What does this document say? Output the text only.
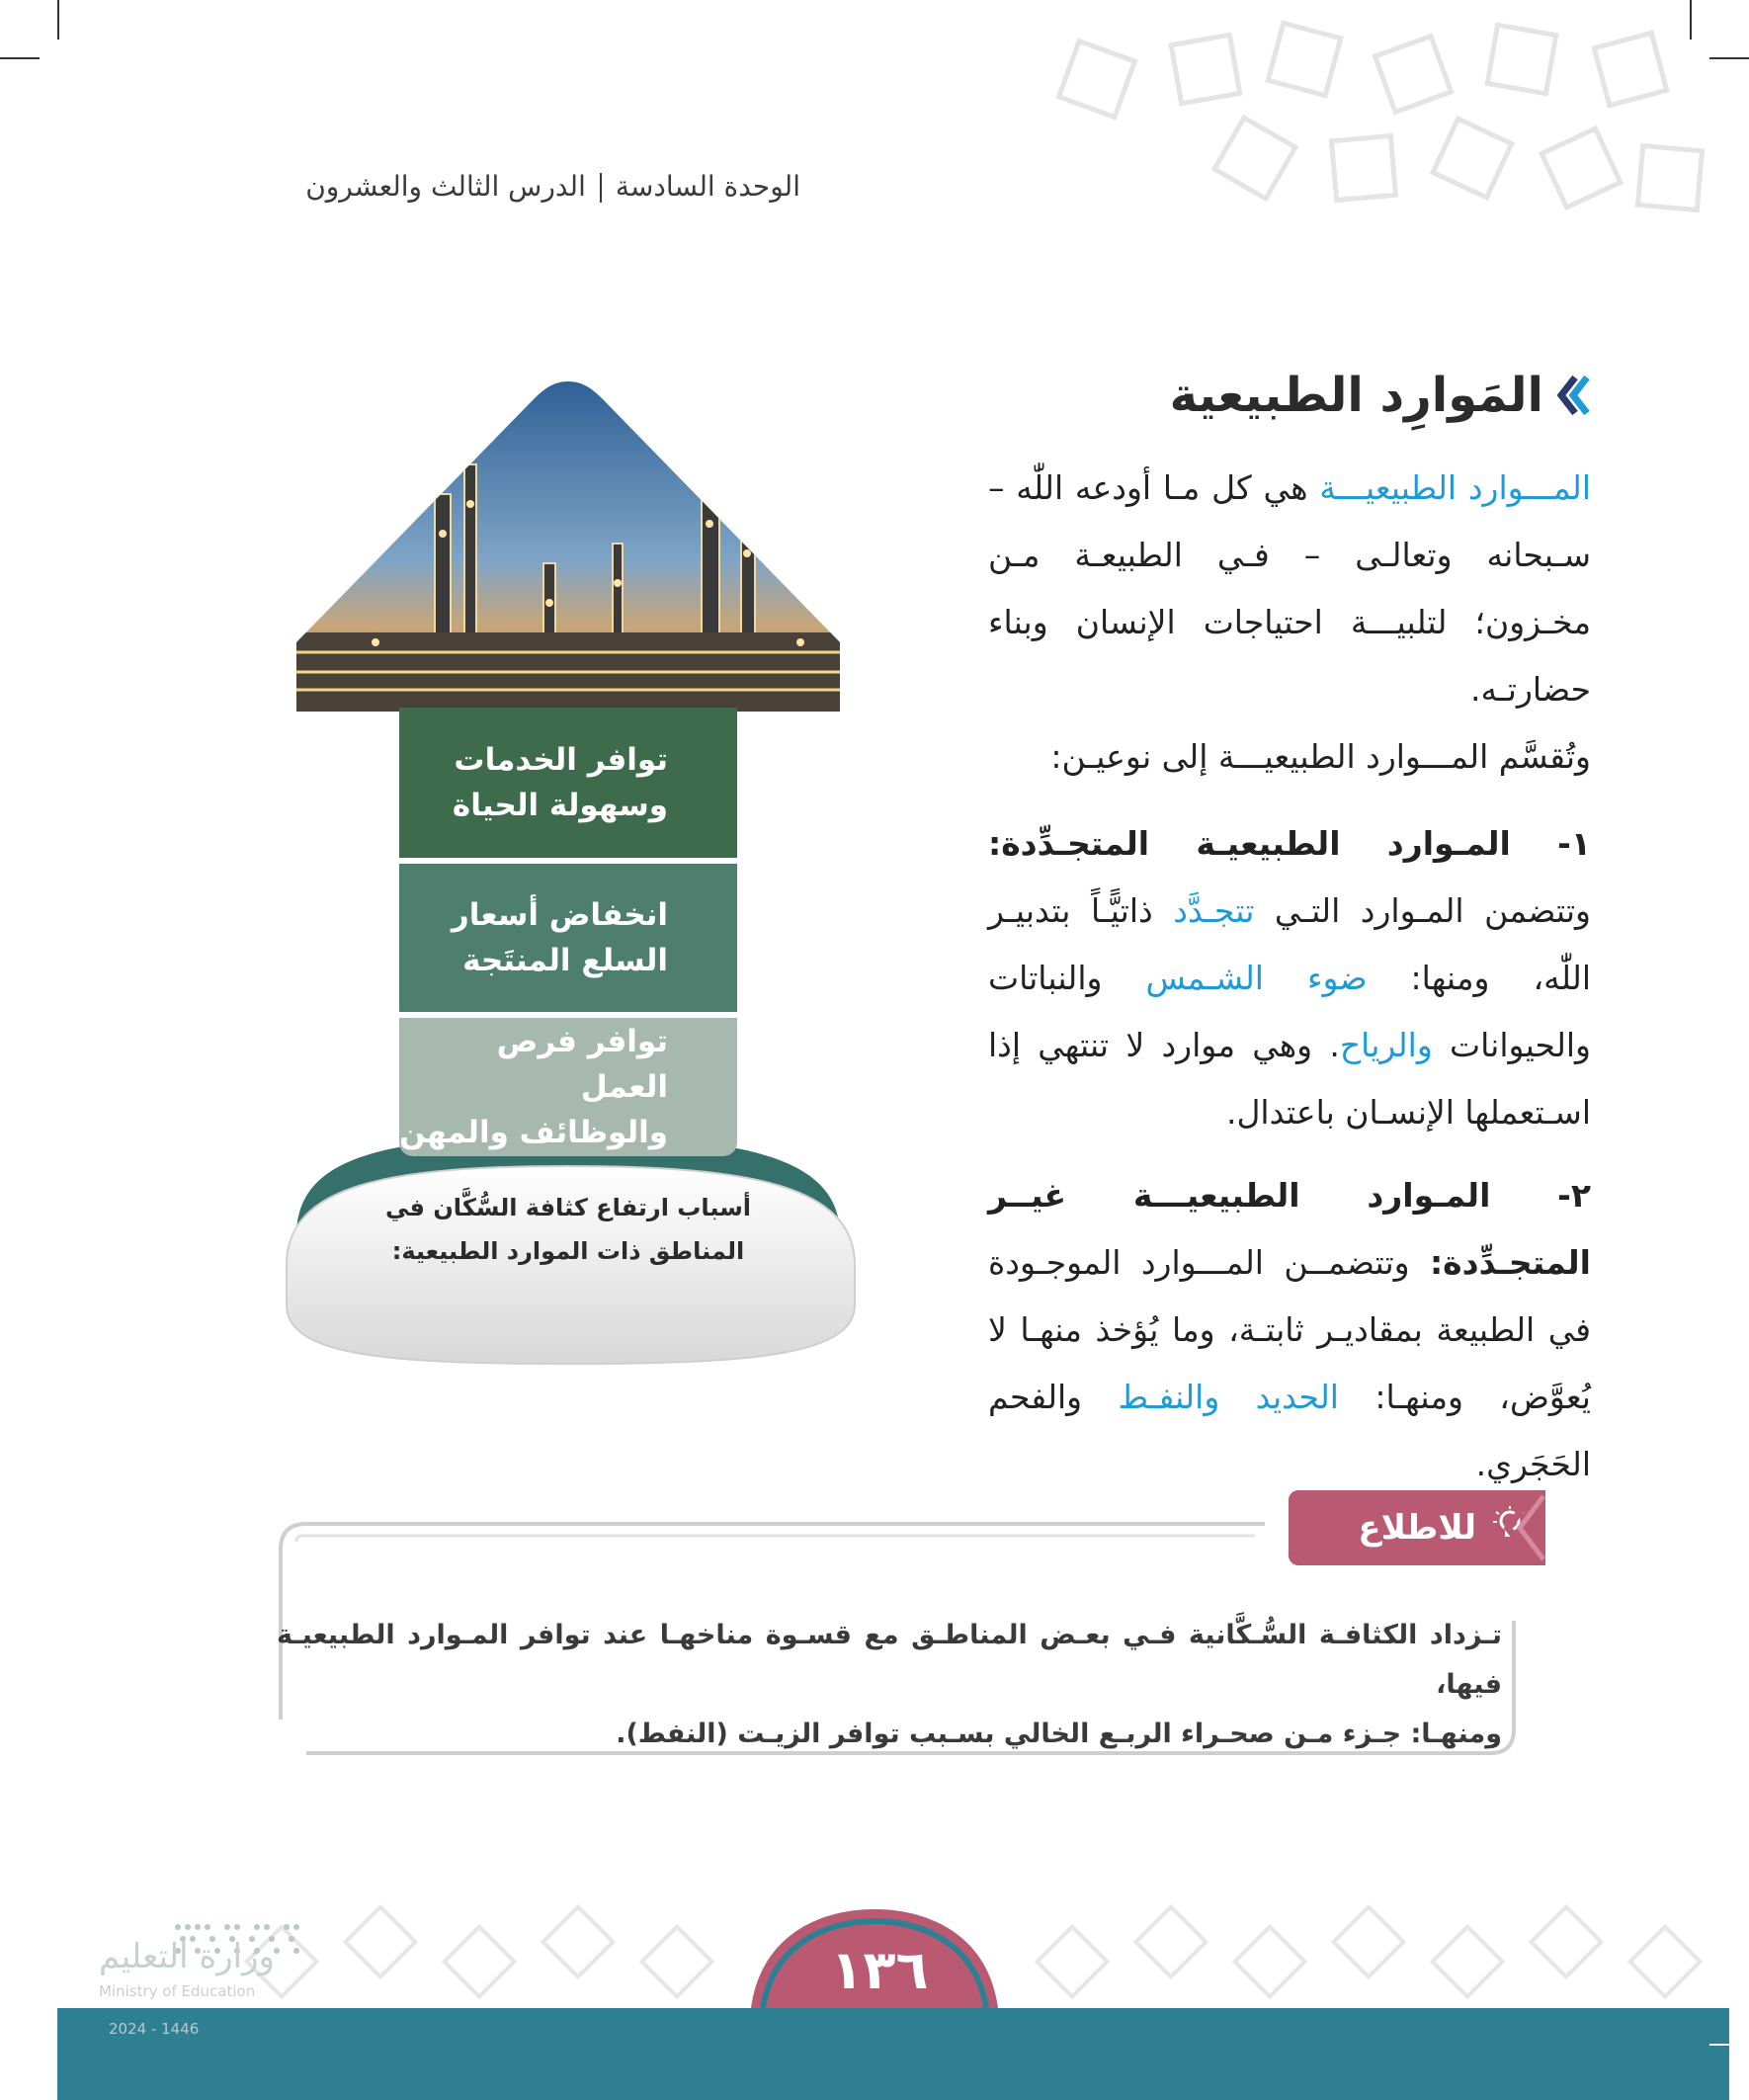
الوحدة السادسةالدرس الثالث والعشرون
المَوارِد الطبيعية

المـــوارد الطبيعيـــة هي كل مـا أودعه اللّٰه – سـبحانه وتعالـى – فـي الطبيعـة مـن مخـزون؛ لتلبيـــة احتياجات الإنسان وبناء حضارتـه.

وتُقسَّم المـــوارد الطبيعيـــة إلى نوعيـن:

١- المـوارد الطبيعيـة المتجـدِّدة: وتتضمن المـوارد التـي تتجـدَّد ذاتيًّـاً بتدبيـر اللّٰه، ومنها: ضوء الشـمس والنباتات والحيوانات والرياح. وهي موارد لا تنتهي إذا اسـتعملها الإنسـان باعتدال.

٢- المـوارد الطبيعيـــة غيــر المتجـدِّدة: وتتضمــن المـــوارد الموجـودة في الطبيعة بمقاديـر ثابتـة، وما يُؤخذ منهـا لا يُعوَّض، ومنهـا: الحديد والنفـط والفحم الحَجَري.

توافر الخدمات
وسهولة الحياة
انخفاض أسعار
السلع المنتَجة
توافر فرص العمل
والوظائف والمهن
أسباب ارتفاع كثافة السُّكَّان في
المناطق ذات الموارد الطبيعية:
للاطلاع

تـزداد الكثافـة السُّـكَّانية فـي بعـض المناطـق مع قسـوة مناخهـا عند توافر المـوارد الطبيعيـة فيها،

ومنهـا: جـزء مـن صحـراء الربـع الخالي بسـبب توافر الزيـت (النفط).

١٣٦
وزارة التعليم
Ministry of Education
2024 - 1446
